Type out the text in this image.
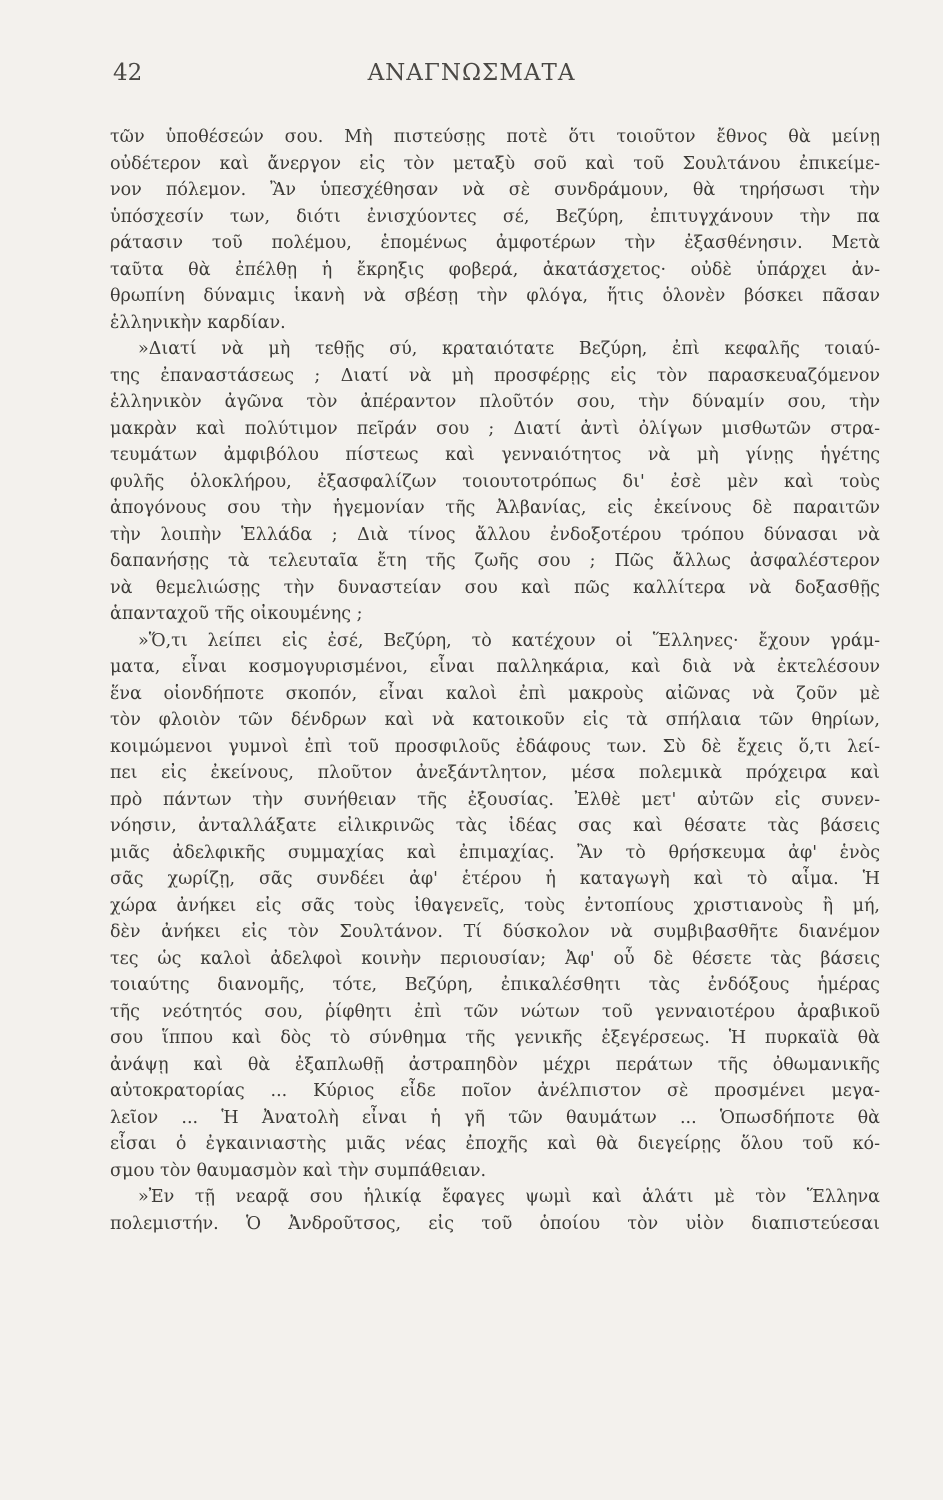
42	ΑΝΑΓΝΩΣΜΑΤΑ
τῶν ὑποθέσεών σου. Μὴ πιστεύσῃς ποτὲ ὅτι τοιοῦτον ἔθνος θὰ μείνῃ
οὐδέτερον καὶ ἄνεργον εἰς τὸν μεταξὺ σοῦ καὶ τοῦ Σουλτάνου ἐπικείμε-
νον πόλεμον. Ἂν ὑπεσχέθησαν νὰ σὲ συνδράμουν, θὰ τηρήσωσι τὴν
ὑπόσχεσίν των, διότι ἐνισχύοντες σέ, Βεζύρη, ἐπιτυγχάνουν τὴν πα
ράτασιν τοῦ πολέμου, ἑπομένως ἀμφοτέρων τὴν ἐξασθένησιν. Μετὰ
ταῦτα θὰ ἐπέλθῃ ἡ ἔκρηξις φοβερά, ἀκατάσχετος· οὐδὲ ὑπάρχει ἀν-
θρωπίνη δύναμις ἱκανὴ νὰ σβέσῃ τὴν φλόγα, ἥτις ὁλονὲν βόσκει πᾶσαν
ἑλληνικὴν καρδίαν.
»Διατί νὰ μὴ τεθῇς σύ, κραταιότατε Βεζύρη, ἐπὶ κεφαλῆς τοιαύ-
της ἐπαναστάσεως ; Διατί νὰ μὴ προσφέρῃς εἰς τὸν παρασκευαζόμενον
ἑλληνικὸν ἀγῶνα τὸν ἀπέραντον πλοῦτόν σου, τὴν δύναμίν σου, τὴν
μακρὰν καὶ πολύτιμον πεῖράν σου ; Διατί ἀντὶ ὀλίγων μισθωτῶν στρα-
τευμάτων ἀμφιβόλου πίστεως καὶ γενναιότητος νὰ μὴ γίνῃς ἡγέτης
φυλῆς ὁλοκλήρου, ἐξασφαλίζων τοιουτοτρόπως δι' ἐσὲ μὲν καὶ τοὺς
ἀπογόνους σου τὴν ἡγεμονίαν τῆς Ἀλβανίας, εἰς ἐκείνους δὲ παραιτῶν
τὴν λοιπὴν Ἑλλάδα ; Διὰ τίνος ἄλλου ἐνδοξοτέρου τρόπου δύνασαι νὰ
δαπανήσῃς τὰ τελευταῖα ἔτη τῆς ζωῆς σου ; Πῶς ἄλλως ἀσφαλέστερον
νὰ θεμελιώσῃς τὴν δυναστείαν σου καὶ πῶς καλλίτερα νὰ δοξασθῇς
ἁπανταχοῦ τῆς οἰκουμένης ;
»Ὅ,τι λείπει εἰς ἐσέ, Βεζύρη, τὸ κατέχουν οἱ Ἕλληνες· ἔχουν γράμ-
ματα, εἶναι κοσμογυρισμένοι, εἶναι παλληκάρια, καὶ διὰ νὰ ἐκτελέσουν
ἕνα οἱονδήποτε σκοπόν, εἶναι καλοὶ ἐπὶ μακροὺς αἰῶνας νὰ ζοῦν μὲ
τὸν φλοιὸν τῶν δένδρων καὶ νὰ κατοικοῦν εἰς τὰ σπήλαια τῶν θηρίων,
κοιμώμενοι γυμνοὶ ἐπὶ τοῦ προσφιλοῦς ἐδάφους των. Σὺ δὲ ἔχεις ὅ,τι λεί-
πει εἰς ἐκείνους, πλοῦτον ἀνεξάντλητον, μέσα πολεμικὰ πρόχειρα καὶ
πρὸ πάντων τὴν συνήθειαν τῆς ἐξουσίας. Ἐλθὲ μετ' αὐτῶν εἰς συνεν-
νόησιν, ἀνταλλάξατε εἰλικρινῶς τὰς ἰδέας σας καὶ θέσατε τὰς βάσεις
μιᾶς ἀδελφικῆς συμμαχίας καὶ ἐπιμαχίας. Ἂν τὸ θρήσκευμα ἀφ' ἑνὸς
σᾶς χωρίζῃ, σᾶς συνδέει ἀφ' ἑτέρου ἡ καταγωγὴ καὶ τὸ αἷμα. Ἡ
χώρα ἀνήκει εἰς σᾶς τοὺς ἰθαγενεῖς, τοὺς ἐντοπίους χριστιανοὺς ἢ μή,
δὲν ἀνήκει εἰς τὸν Σουλτάνον. Τί δύσκολον νὰ συμβιβασθῆτε διανέμον
τες ὡς καλοὶ ἀδελφοὶ κοινὴν περιουσίαν; Ἀφ' οὗ δὲ θέσετε τὰς βάσεις
τοιαύτης διανομῆς, τότε, Βεζύρη, ἐπικαλέσθητι τὰς ἐνδόξους ἡμέρας
τῆς νεότητός σου, ῥίφθητι ἐπὶ τῶν νώτων τοῦ γενναιοτέρου ἀραβικοῦ
σου ἵππου καὶ δὸς τὸ σύνθημα τῆς γενικῆς ἐξεγέρσεως. Ἡ πυρκαϊὰ θὰ
ἀνάψῃ καὶ θὰ ἐξαπλωθῇ ἀστραπηδὸν μέχρι περάτων τῆς ὀθωμανικῆς
αὐτοκρατορίας ... Κύριος εἶδε ποῖον ἀνέλπιστον σὲ προσμένει μεγα-
λεῖον ... Ἡ Ἀνατολὴ εἶναι ἡ γῆ τῶν θαυμάτων ... Ὁπωσδήποτε θὰ
εἶσαι ὁ ἐγκαινιαστὴς μιᾶς νέας ἐποχῆς καὶ θὰ διεγείρῃς ὅλου τοῦ κό-
σμου τὸν θαυμασμὸν καὶ τὴν συμπάθειαν.
»Ἐν τῇ νεαρᾷ σου ἡλικίᾳ ἔφαγες ψωμὶ καὶ ἁλάτι μὲ τὸν Ἕλληνα
πολεμιστήν. Ὁ Ἀνδροῦτσος, εἰς τοῦ ὁποίου τὸν υἱὸν διαπιστεύεσαι
